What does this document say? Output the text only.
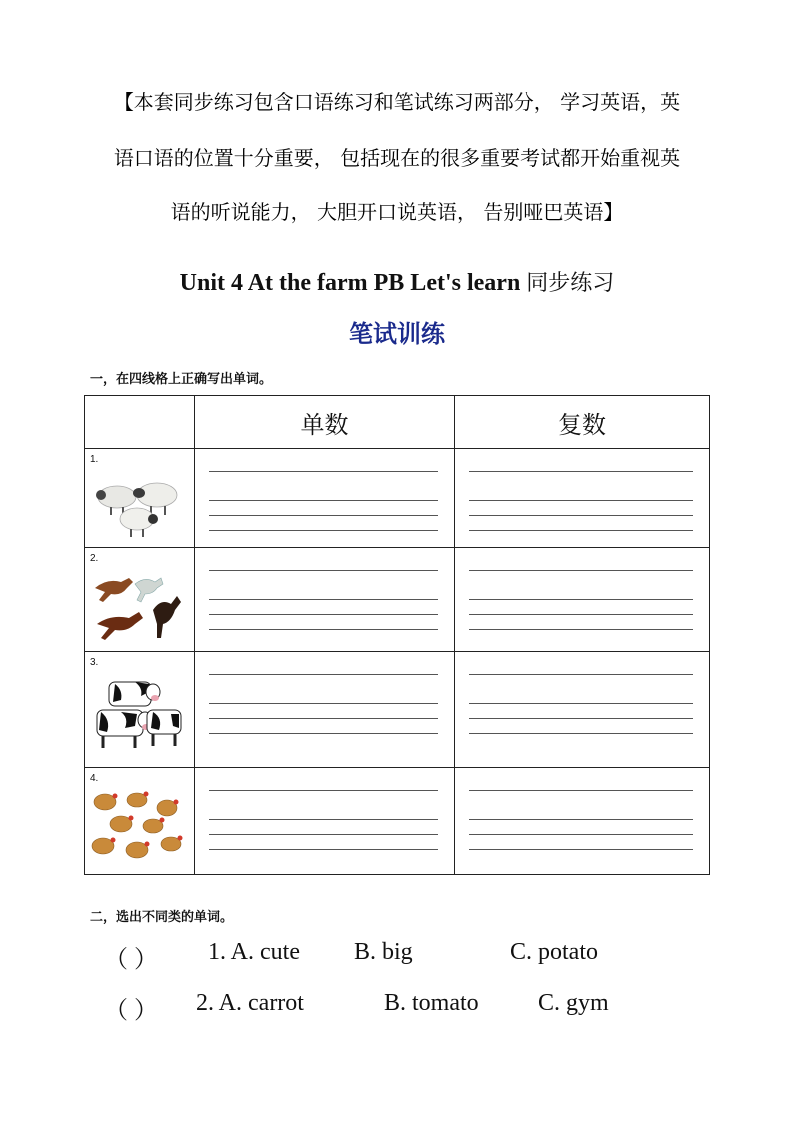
【本套同步练习包含口语练习和笔试练习两部分， 学习英语，英
语口语的位置十分重要， 包括现在的很多重要考试都开始重视英
语的听说能力， 大胆开口说英语， 告别哑巴英语】
Unit 4 At the farm PB Let's learn 同步练习
笔试训练
一，在四线格上正确写出单词。
	单数	复数

1.		

2.		

3.		

4.		

二，选出不同类的单词。
（ ） 1. A. cute B. big	C. potato
（ ） 2. A. carrot	B. tomato C. gym
